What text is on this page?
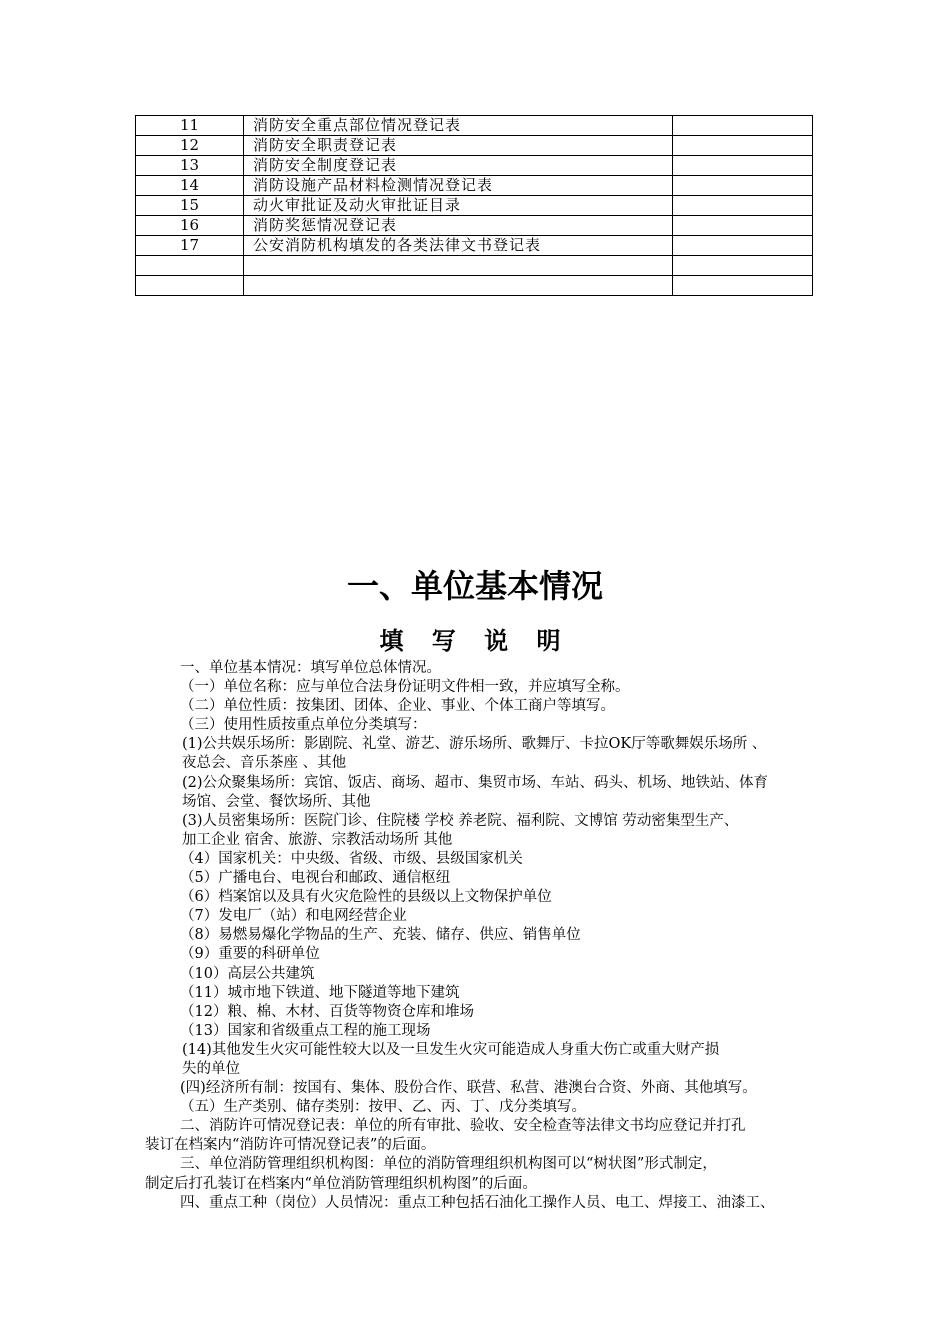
11	消防安全重点部位情况登记表	
12	消防安全职责登记表	
13	消防安全制度登记表	
14	消防设施产品材料检测情况登记表	
15	动火审批证及动火审批证目录	
16	消防奖惩情况登记表	
17	公安消防机构填发的各类法律文书登记表	

一、单位基本情况
填 写 说 明
一、单位基本情况：填写单位总体情况。
（一）单位名称：应与单位合法身份证明文件相一致，并应填写全称。
（二）单位性质：按集团、团体、企业、事业、个体工商户等填写。
（三）使用性质按重点单位分类填写：
(1)公共娱乐场所：影剧院、礼堂、游艺、游乐场所、歌舞厅、卡拉OK厅等歌舞娱乐场所 、
夜总会、音乐茶座 、其他
(2)公众聚集场所：宾馆、饭店、商场、超市、集贸市场、车站、码头、机场、地铁站、体育
场馆、会堂、餐饮场所、其他
(3)人员密集场所：医院门诊、住院楼 学校 养老院、福利院、文博馆 劳动密集型生产、
加工企业 宿舍、旅游、宗教活动场所 其他
（4）国家机关：中央级、省级、市级、县级国家机关
（5）广播电台、电视台和邮政、通信枢纽
（6）档案馆以及具有火灾危险性的县级以上文物保护单位
（7）发电厂（站）和电网经营企业
（8）易燃易爆化学物品的生产、充装、储存、供应、销售单位
（9）重要的科研单位
（10）高层公共建筑
（11）城市地下铁道、地下隧道等地下建筑
（12）粮、棉、木材、百货等物资仓库和堆场
（13）国家和省级重点工程的施工现场
(14)其他发生火灾可能性较大以及一旦发生火灾可能造成人身重大伤亡或重大财产损
失的单位
(四)经济所有制：按国有、集体、股份合作、联营、私营、港澳台合资、外商、其他填写。
（五）生产类别、储存类别：按甲、乙、丙、丁、戊分类填写。
二、消防许可情况登记表：单位的所有审批、验收、安全检查等法律文书均应登记并打孔
装订在档案内“消防许可情况登记表”的后面。
三、单位消防管理组织机构图：单位的消防管理组织机构图可以“树状图”形式制定，
制定后打孔装订在档案内“单位消防管理组织机构图”的后面。
四、重点工种（岗位）人员情况：重点工种包括石油化工操作人员、电工、焊接工、油漆工、
